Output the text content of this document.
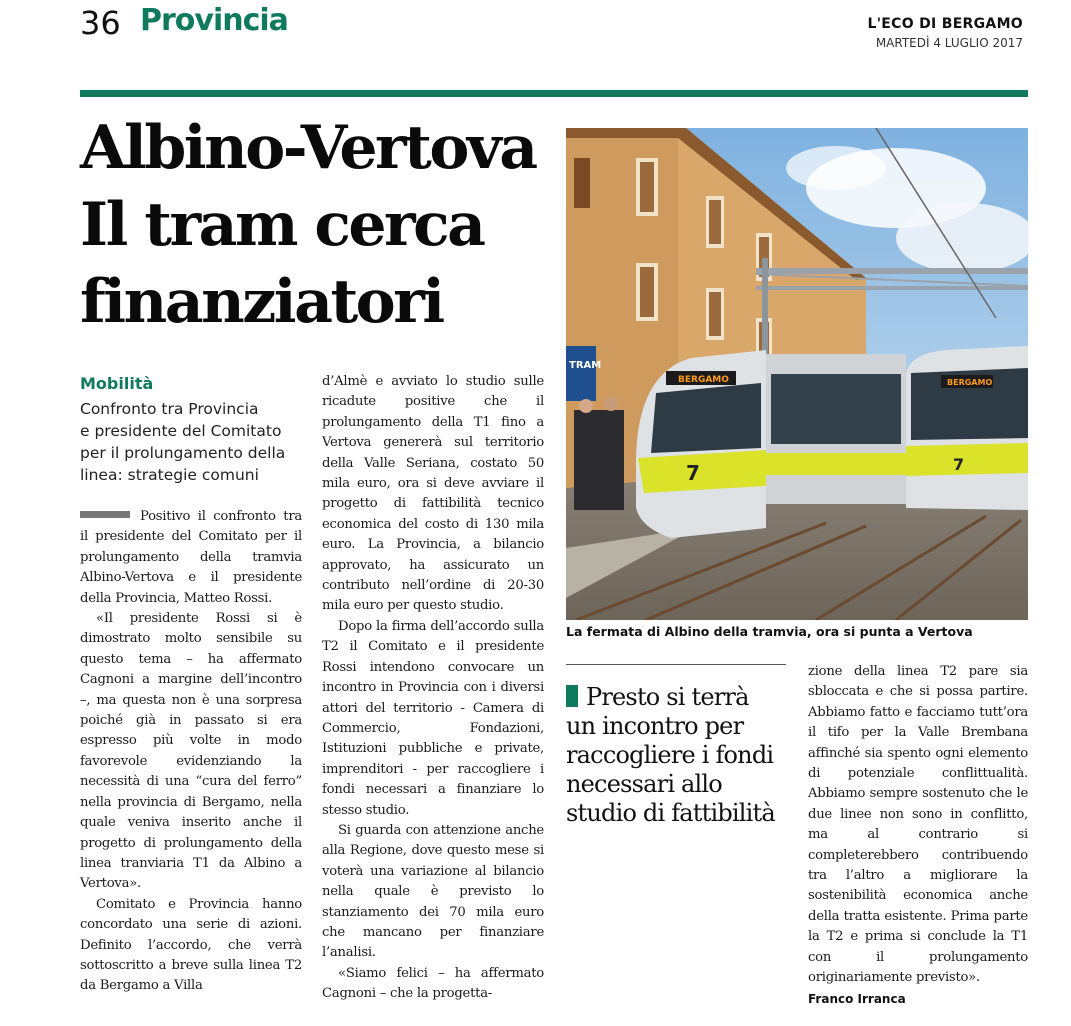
36 Provincia	L'ECO DI BERGAMO
MARTEDÌ 4 LUGLIO 2017
Albino-Vertova
Il tram cerca
finanziatori
Mobilità
Confronto tra Provincia
e presidente del Comitato
per il prolungamento della
linea: strategie comuni

Positivo il confronto tra il presidente del Comitato per il prolungamento della tramvia Albino-Vertova e il presidente della Provincia, Matteo Rossi.

«Il presidente Rossi si è dimostrato molto sensibile su questo tema – ha affermato Cagnoni a margine dell’incontro –, ma questa non è una sorpresa poiché già in passato si era espresso più volte in modo favorevole evidenziando la necessità di una “cura del ferro” nella provincia di Bergamo, nella quale veniva inserito anche il progetto di prolungamento della linea tranviaria T1 da Albino a Vertova».

Comitato e Provincia hanno concordato una serie di azioni. Definito l’accordo, che verrà sottoscritto a breve sulla linea T2 da Bergamo a Villa

d’Almè e avviato lo studio sulle ricadute positive che il prolungamento della T1 fino a Vertova genererà sul territorio della Valle Seriana, costato 50 mila euro, ora si deve avviare il progetto di fattibilità tecnico economica del costo di 130 mila euro. La Provincia, a bilancio approvato, ha assicurato un contributo nell’ordine di 20-30 mila euro per questo studio.

Dopo la firma dell’accordo sulla T2 il Comitato e il presidente Rossi intendono convocare un incontro in Provincia con i diversi attori del territorio - Camera di Commercio, Fondazioni, Istituzioni pubbliche e private, imprenditori - per raccogliere i fondi necessari a finanziare lo stesso studio.

Si guarda con attenzione anche alla Regione, dove questo mese si voterà una variazione al bilancio nella quale è previsto lo stanziamento dei 70 mila euro che mancano per finanziare l’analisi.

«Siamo felici – ha affermato Cagnoni – che la progetta-

TRAM
BERGAMO
7
BERGAMO
7
La fermata di Albino della tramvia, ora si punta a Vertova
Presto si terrà
un incontro per
raccogliere i fondi
necessari allo
studio di fattibilità

zione della linea T2 pare sia sbloccata e che si possa partire. Abbiamo fatto e facciamo tutt’ora il tifo per la Valle Brembana affinché sia spento ogni elemento di potenziale conflittualità. Abbiamo sempre sostenuto che le due linee non sono in conflitto, ma al contrario si completerebbero contribuendo tra l’altro a migliorare la sostenibilità economica anche della tratta esistente. Prima parte la T2 e prima si conclude la T1 con il prolungamento originariamente previsto».

Franco Irranca
